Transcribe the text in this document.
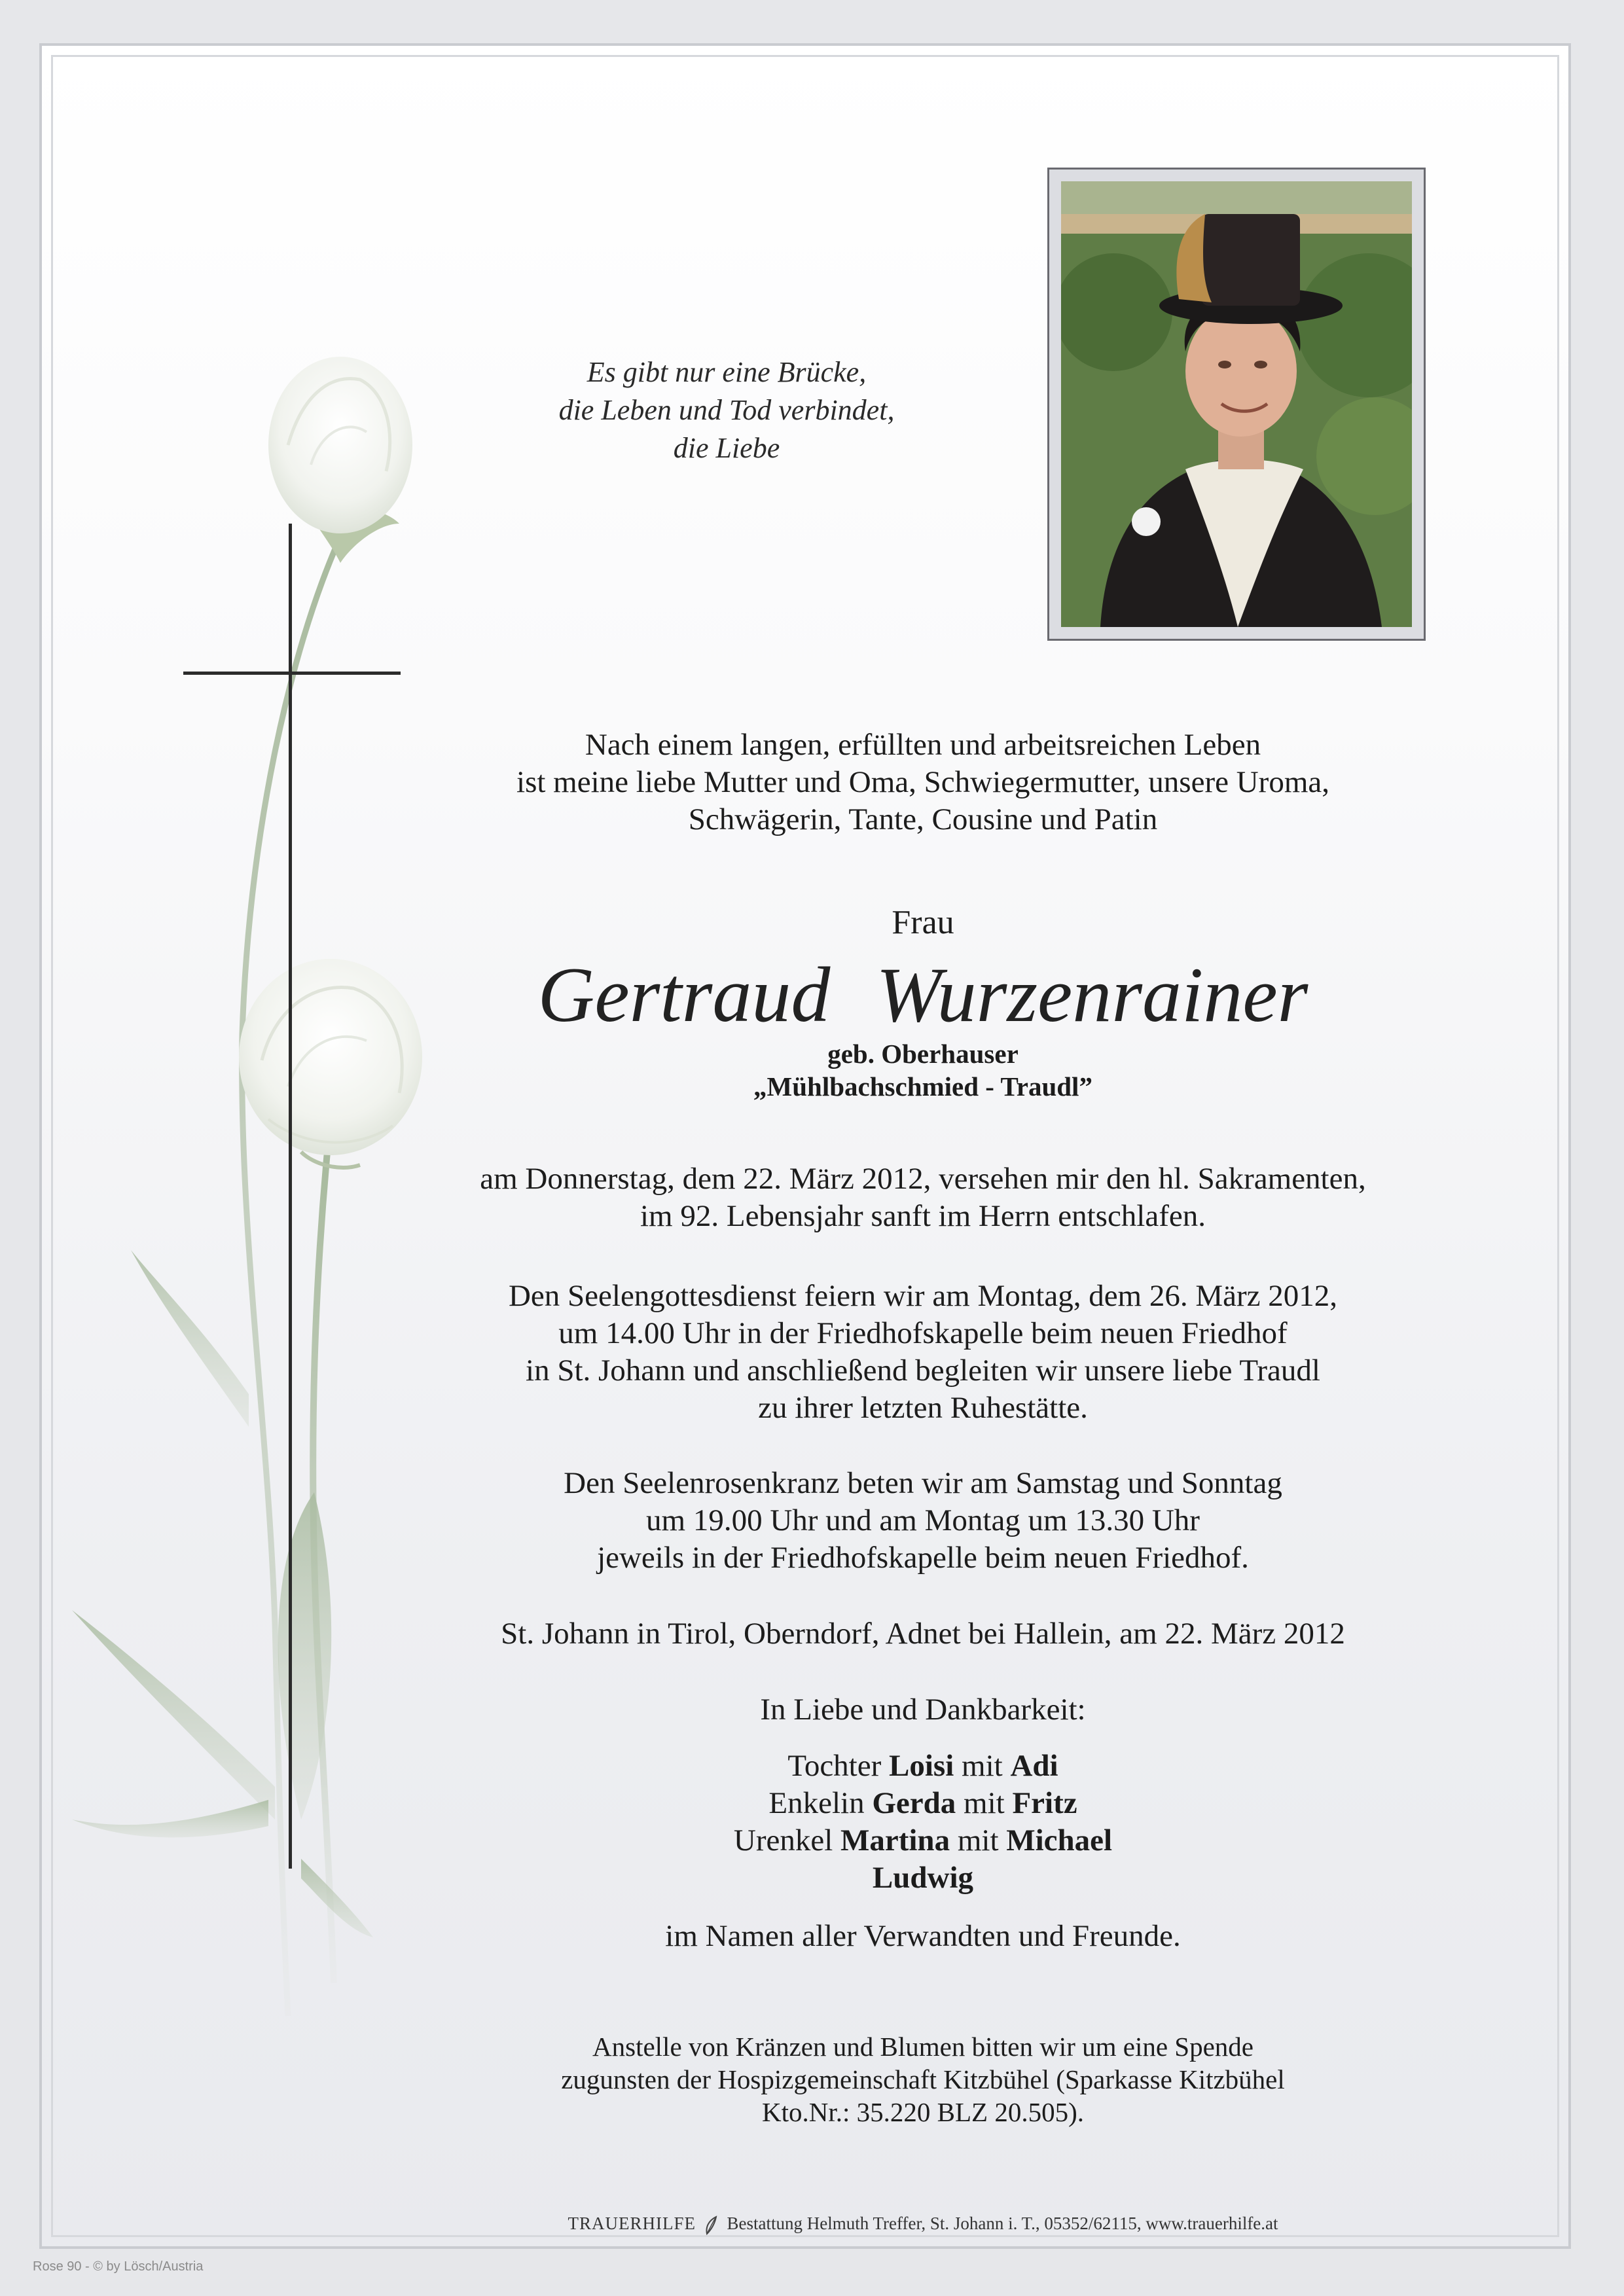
Es gibt nur eine Brücke,
die Leben und Tod verbindet,
die Liebe
Nach einem langen, erfüllten und arbeitsreichen Leben
ist meine liebe Mutter und Oma, Schwiegermutter, unsere Uroma,
Schwägerin, Tante, Cousine und Patin
Frau
Gertraud Wurzenrainer
geb. Oberhauser
„Mühlbachschmied - Traudl”
am Donnerstag, dem 22. März 2012, versehen mir den hl. Sakramenten,
im 92. Lebensjahr sanft im Herrn entschlafen.
Den Seelengottesdienst feiern wir am Montag, dem 26. März 2012,
um 14.00 Uhr in der Friedhofskapelle beim neuen Friedhof
in St. Johann und anschließend begleiten wir unsere liebe Traudl
zu ihrer letzten Ruhestätte.
Den Seelenrosenkranz beten wir am Samstag und Sonntag
um 19.00 Uhr und am Montag um 13.30 Uhr
jeweils in der Friedhofskapelle beim neuen Friedhof.
St. Johann in Tirol, Oberndorf, Adnet bei Hallein, am 22. März 2012
In Liebe und Dankbarkeit:
Tochter Loisi mit Adi
Enkelin Gerda mit Fritz
Urenkel Martina mit Michael
Ludwig
im Namen aller Verwandten und Freunde.
Anstelle von Kränzen und Blumen bitten wir um eine Spende
zugunsten der Hospizgemeinschaft Kitzbühel (Sparkasse Kitzbühel
Kto.Nr.: 35.220 BLZ 20.505).
TRAUERHILFE Bestattung Helmuth Treffer, St. Johann i. T., 05352/62115, www.trauerhilfe.at
Rose 90 - © by Lösch/Austria
